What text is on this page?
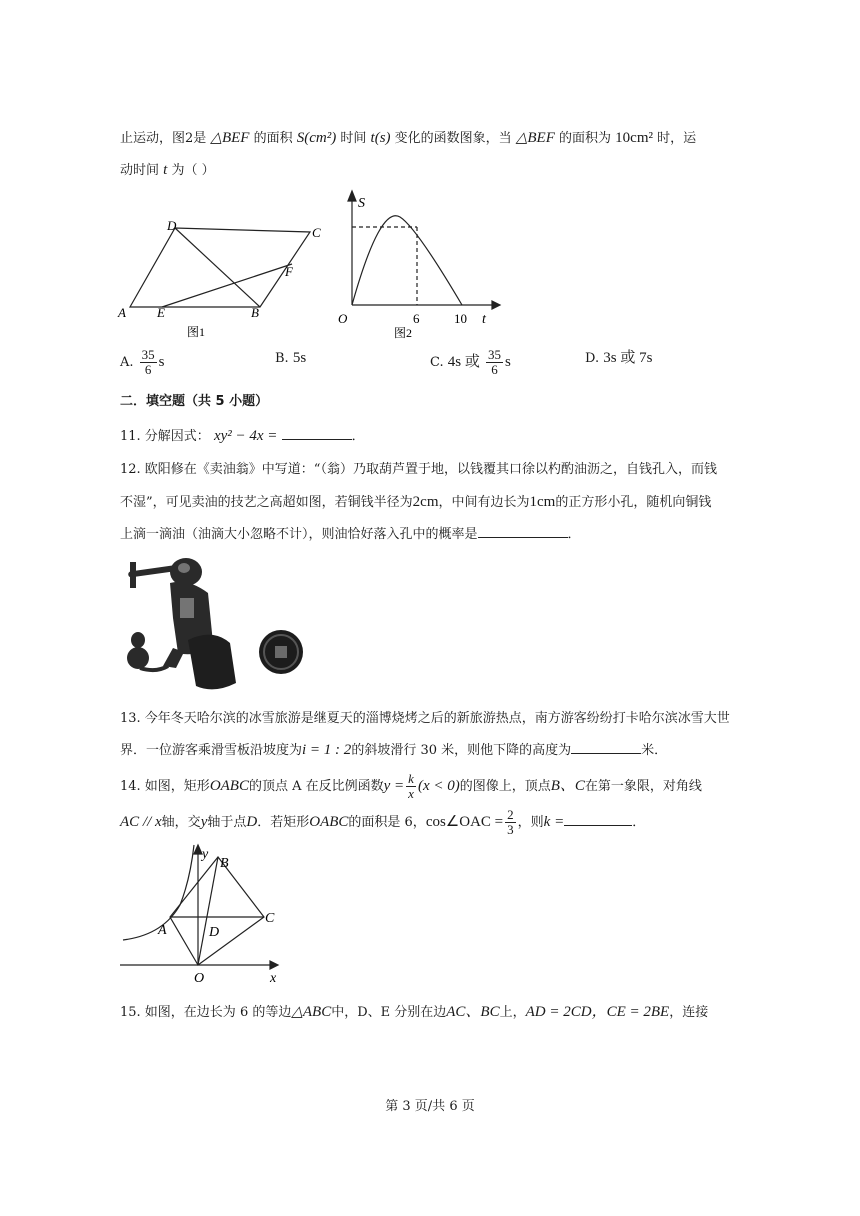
止运动，图2是 △BEF 的面积 S(cm²) 时间 t(s) 变化的函数图象，当 △BEF 的面积为 10cm² 时，运
动时间 t 为（ ）
A E	B
C
D
F
图1
S
O	6	10 t
图2
A. $\frac{35}{6}$ s	B. 5s	C. 4s 或 $\frac{35}{6}$ s	D. 3s 或 7s
二．填空题（共 5 小题）
11. 分解因式： xy² − 4x =	．
12. 欧阳修在《卖油翁》中写道：“（翁）乃取葫芦置于地，以钱覆其口徐以杓酌油沥之，自钱孔入，而钱
不湿”，可见卖油的技艺之高超如图，若铜钱半径为2cm，中间有边长为1cm的正方形小孔，随机向铜钱
上滴一滴油（油滴大小忽略不计），则油恰好落入孔中的概率是	．
13. 今年冬天哈尔滨的冰雪旅游是继夏天的淄博烧烤之后的新旅游热点，南方游客纷纷打卡哈尔滨冰雪大世
界．一位游客乘滑雪板沿坡度为i = 1 : 2的斜坡滑行 30 米，则他下降的高度为	米．
14. 如图，矩形OABC的顶点 A 在反比例函数$y = \frac{k}{x} (x < 0)$的图像上，顶点B、C在第一象限，对角线
AC // x轴，交y轴于点D．若矩形OABC的面积是 6，cos∠OAC = $\frac{2}{3}$ ，则k =	．
y
x
B
A
C
D
O
15. 如图，在边长为 6 的等边△ABC中，D、E 分别在边AC、BC上，AD = 2CD，CE = 2BE，连接
第 3 页/共 6 页
